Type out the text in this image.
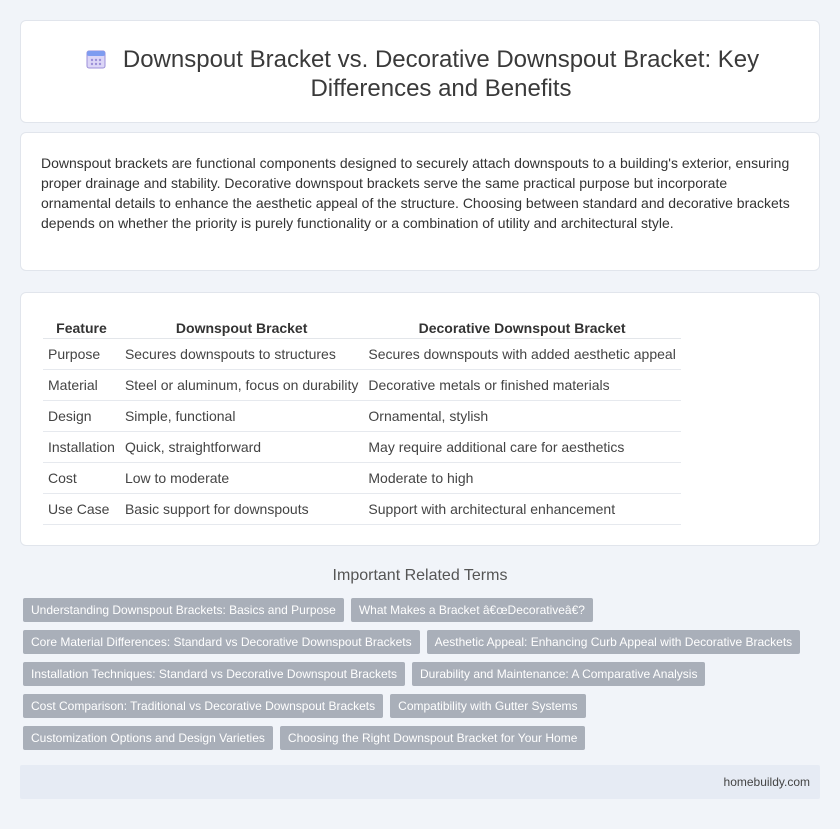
Downspout Bracket vs. Decorative Downspout Bracket: Key Differences and Benefits

Downspout brackets are functional components designed to securely attach downspouts to a building's exterior, ensuring proper drainage and stability. Decorative downspout brackets serve the same practical purpose but incorporate ornamental details to enhance the aesthetic appeal of the structure. Choosing between standard and decorative brackets depends on whether the priority is purely functionality or a combination of utility and architectural style.

Feature	Downspout Bracket	Decorative Downspout Bracket
Purpose	Secures downspouts to structures	Secures downspouts with added aesthetic appeal
Material	Steel or aluminum, focus on durability	Decorative metals or finished materials
Design	Simple, functional	Ornamental, stylish
Installation	Quick, straightforward	May require additional care for aesthetics
Cost	Low to moderate	Moderate to high
Use Case	Basic support for downspouts	Support with architectural enhancement
Important Related Terms
Understanding Downspout Brackets: Basics and Purpose	What Makes a Bracket â€œDecorativeâ€?
Core Material Differences: Standard vs Decorative Downspout Brackets	Aesthetic Appeal: Enhancing Curb Appeal with Decorative Brackets
Installation Techniques: Standard vs Decorative Downspout Brackets	Durability and Maintenance: A Comparative Analysis
Cost Comparison: Traditional vs Decorative Downspout Brackets	Compatibility with Gutter Systems
Customization Options and Design Varieties	Choosing the Right Downspout Bracket for Your Home
homebuildy.com
